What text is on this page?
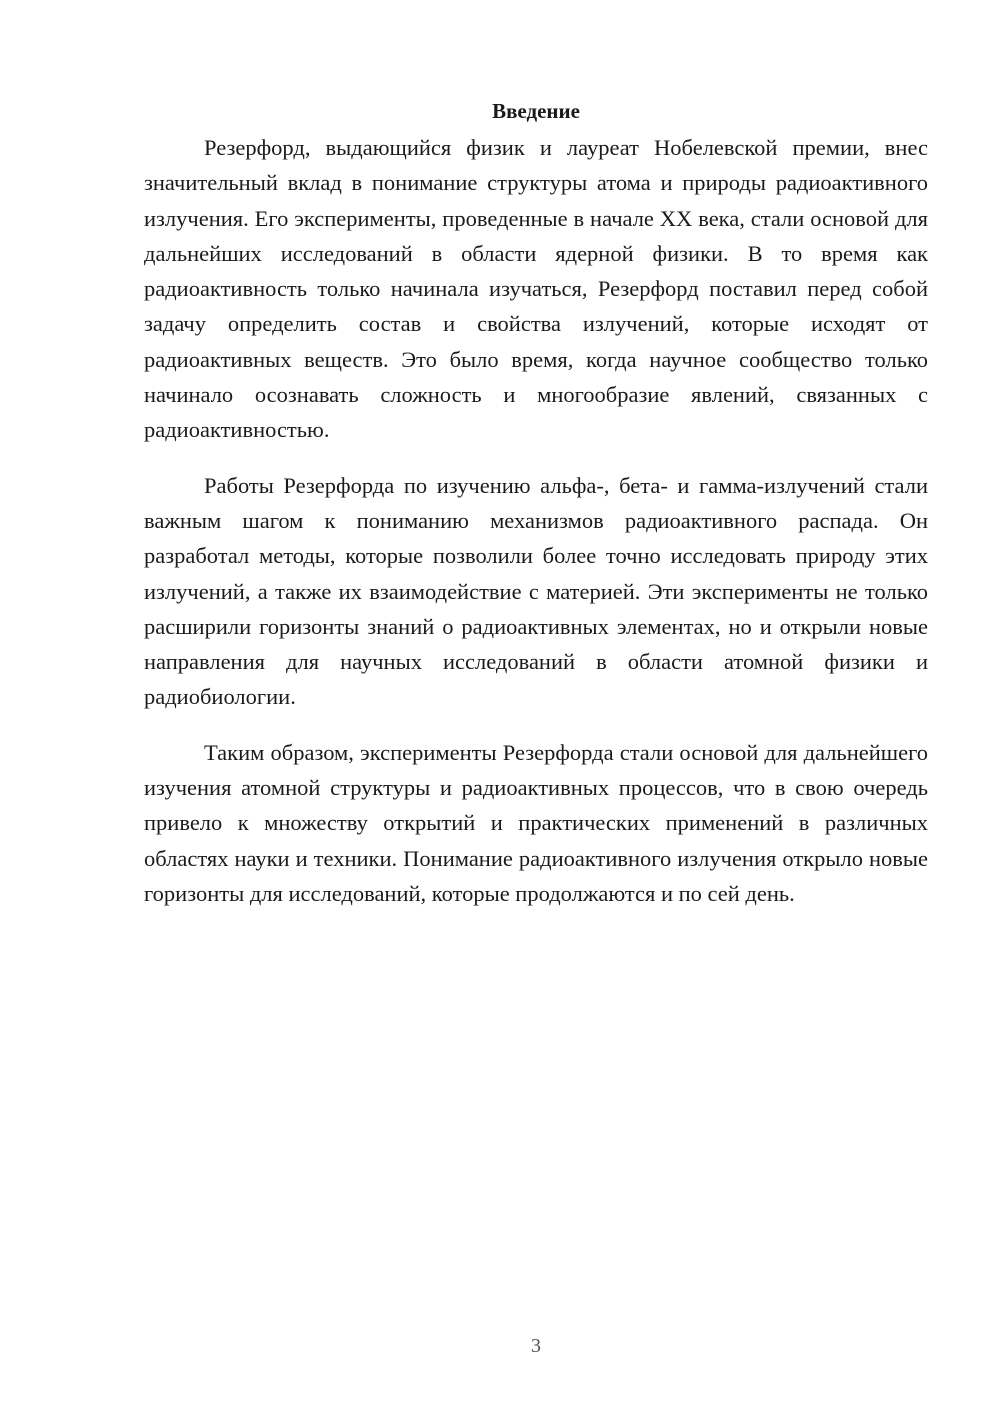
Введение

Резерфорд, выдающийся физик и лауреат Нобелевской премии, внес значительный вклад в понимание структуры атома и природы радиоактивного излучения. Его эксперименты, проведенные в начале XX века, стали основой для дальнейших исследований в области ядерной физики. В то время как радиоактивность только начинала изучаться, Резерфорд поставил перед собой задачу определить состав и свойства излучений, которые исходят от радиоактивных веществ. Это было время, когда научное сообщество только начинало осознавать сложность и многообразие явлений, связанных с радиоактивностью.

Работы Резерфорда по изучению альфа-, бета- и гамма-излучений стали важным шагом к пониманию механизмов радиоактивного распада. Он разработал методы, которые позволили более точно исследовать природу этих излучений, а также их взаимодействие с материей. Эти эксперименты не только расширили горизонты знаний о радиоактивных элементах, но и открыли новые направления для научных исследований в области атомной физики и радиобиологии.

Таким образом, эксперименты Резерфорда стали основой для дальнейшего изучения атомной структуры и радиоактивных процессов, что в свою очередь привело к множеству открытий и практических применений в различных областях науки и техники. Понимание радиоактивного излучения открыло новые горизонты для исследований, которые продолжаются и по сей день.

3
